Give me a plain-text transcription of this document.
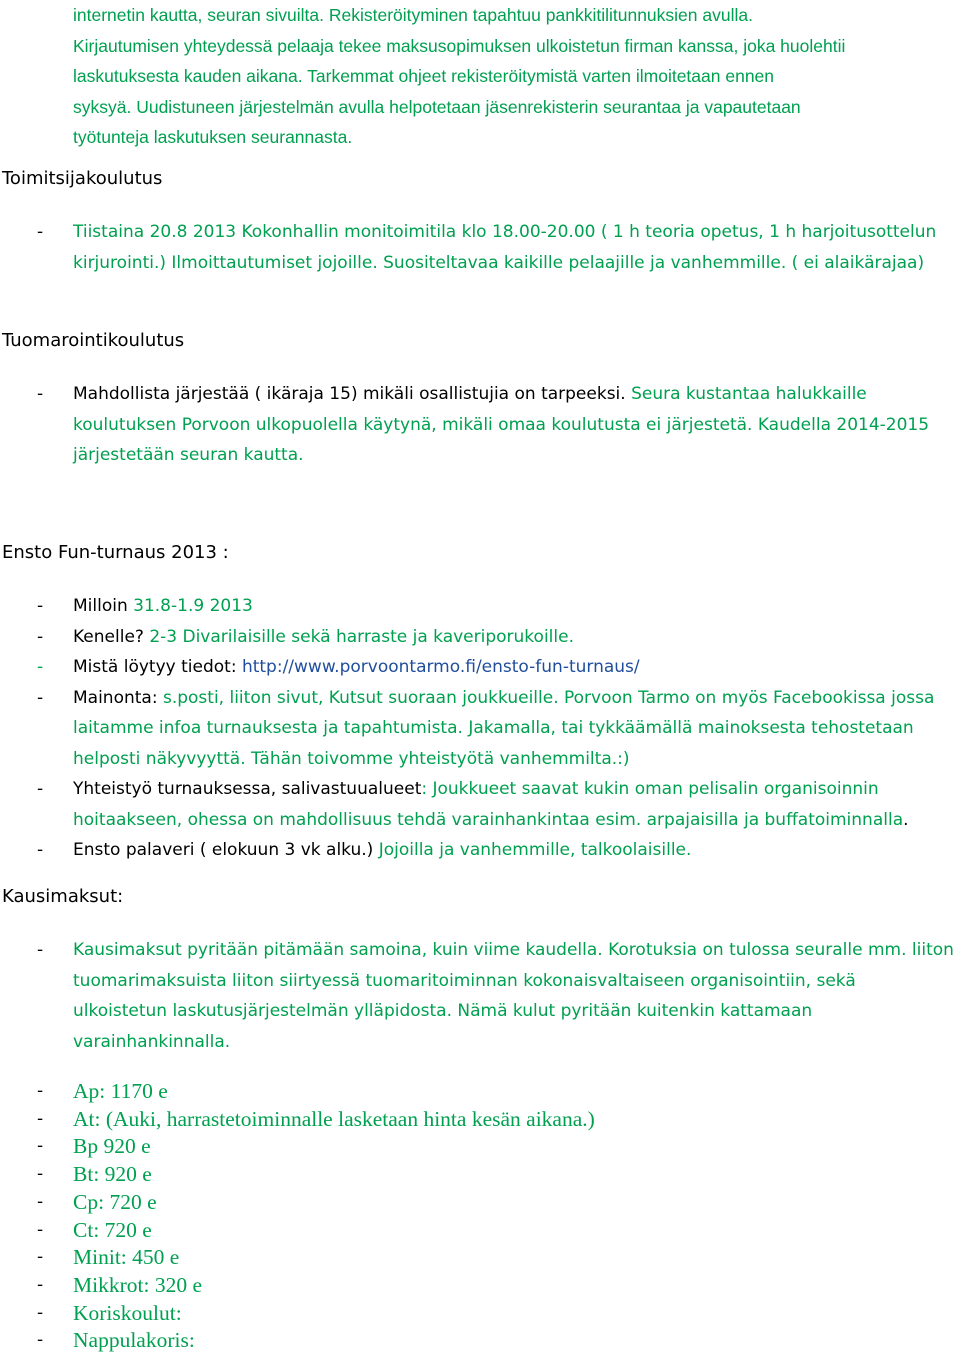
internetin kautta, seuran sivuilta. Rekisteröityminen tapahtuu pankkitilitunnuksien avulla.

Kirjautumisen yhteydessä pelaaja tekee maksusopimuksen ulkoistetun firman kanssa, joka huolehtii

laskutuksesta kauden aikana. Tarkemmat ohjeet rekisteröitymistä varten ilmoitetaan ennen

syksyä. Uudistuneen järjestelmän avulla helpotetaan jäsenrekisterin seurantaa ja vapautetaan

työtunteja laskutuksen seurannasta.

Toimitsijakoulutus
- Tiistaina 20.8 2013 Kokonhallin monitoimitila klo 18.00-20.00 ( 1 h teoria opetus, 1 h harjoitusottelun kirjurointi.) Ilmoittautumiset jojoille. Suositeltavaa kaikille pelaajille ja vanhemmille. ( ei alaikärajaa)
Tuomarointikoulutus
- Mahdollista järjestää ( ikäraja 15) mikäli osallistujia on tarpeeksi. Seura kustantaa halukkaille koulutuksen Porvoon ulkopuolella käytynä, mikäli omaa koulutusta ei järjestetä. Kaudella 2014-2015 järjestetään seuran kautta.
Ensto Fun-turnaus 2013 :
- Milloin 31.8-1.9 2013
- Kenelle? 2-3 Divarilaisille sekä harraste ja kaveriporukoille.
- Mistä löytyy tiedot: http://www.porvoontarmo.fi/ensto-fun-turnaus/
- Mainonta: s.posti, liiton sivut, Kutsut suoraan joukkueille. Porvoon Tarmo on myös Facebookissa jossa laitamme infoa turnauksesta ja tapahtumista. Jakamalla, tai tykkäämällä mainoksesta tehostetaan helposti näkyvyyttä. Tähän toivomme yhteistyötä vanhemmilta.:)
- Yhteistyö turnauksessa, salivastuualueet: Joukkueet saavat kukin oman pelisalin organisoinnin hoitaakseen, ohessa on mahdollisuus tehdä varainhankintaa esim. arpajaisilla ja buffatoiminnalla.
- Ensto palaveri ( elokuun 3 vk alku.) Jojoilla ja vanhemmille, talkoolaisille.
Kausimaksut:
- Kausimaksut pyritään pitämään samoina, kuin viime kaudella. Korotuksia on tulossa seuralle mm. liiton tuomarimaksuista liiton siirtyessä tuomaritoiminnan kokonaisvaltaiseen organisointiin, sekä ulkoistetun laskutusjärjestelmän ylläpidosta. Nämä kulut pyritään kuitenkin kattamaan varainhankinnalla.
- Ap: 1170 e
- At: (Auki, harrastetoiminnalle lasketaan hinta kesän aikana.)
- Bp 920 e
- Bt: 920 e
- Cp: 720 e
- Ct: 720 e
- Minit: 450 e
- Mikkrot: 320 e
- Koriskoulut:
- Nappulakoris:
